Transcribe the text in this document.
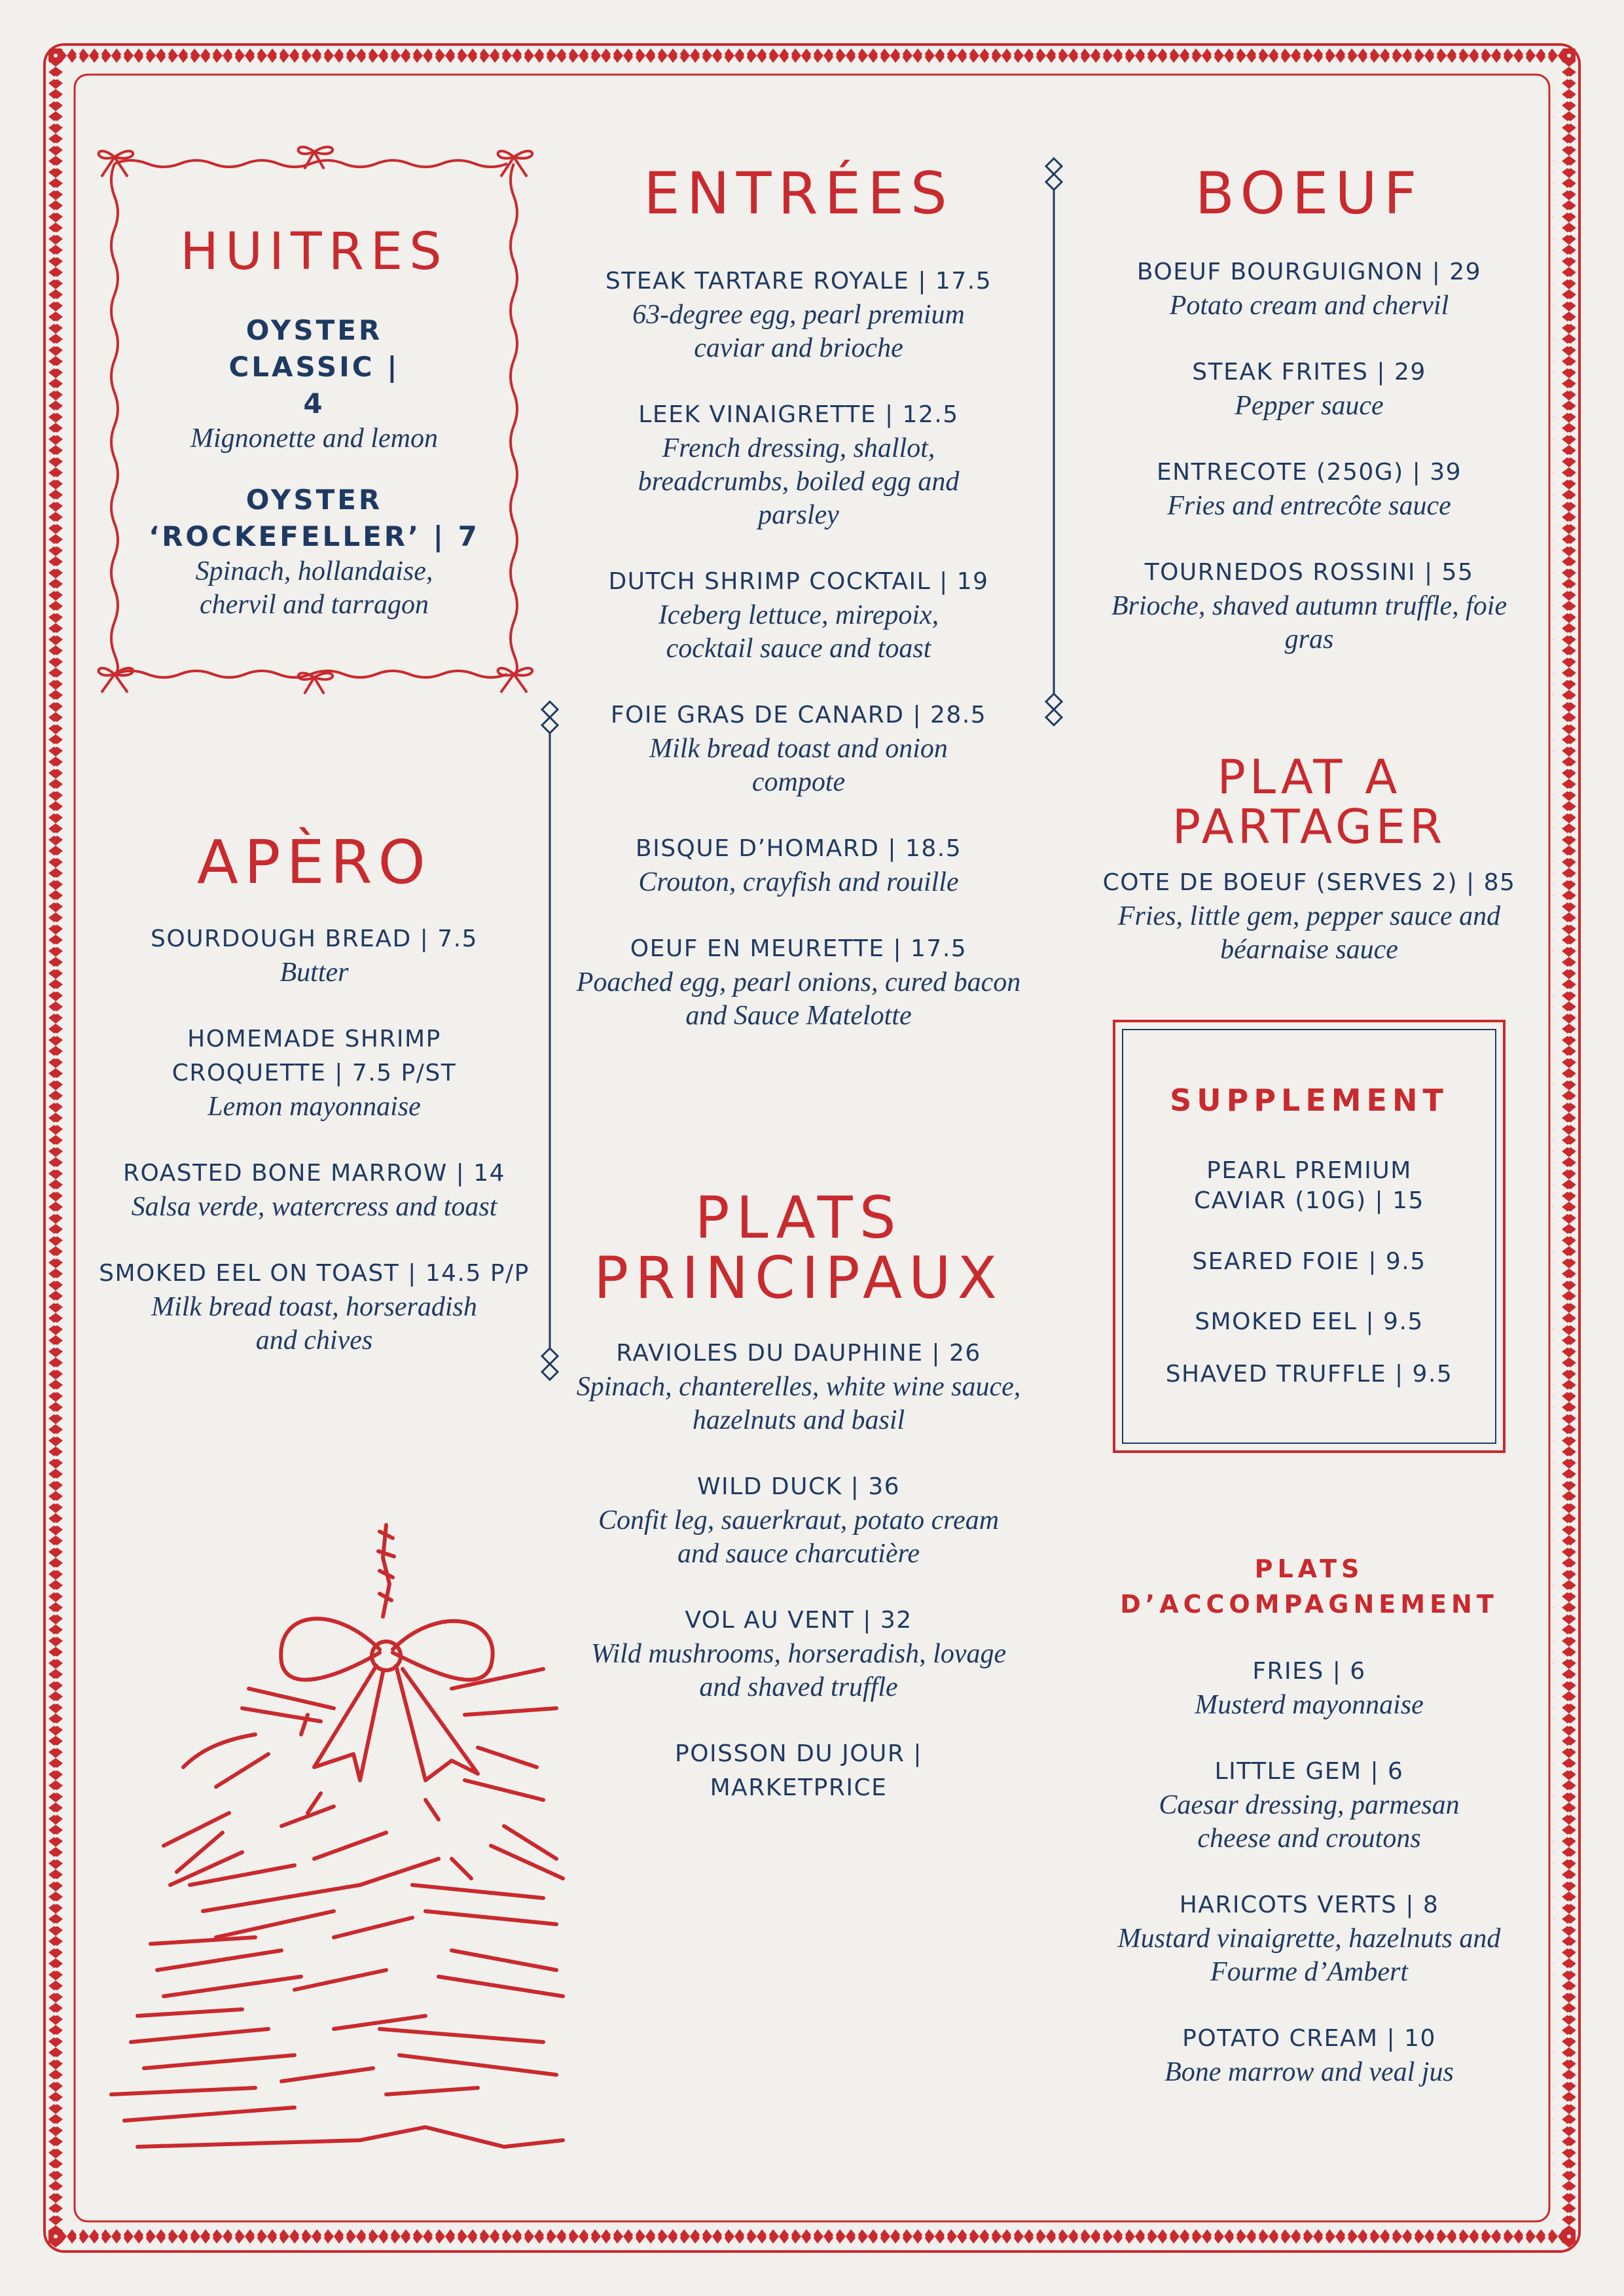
HUITRES
OYSTER CLASSIC | 4
Mignonette and lemon
OYSTER ‘ROCKEFELLER’ | 7
Spinach, hollandaise, chervil and tarragon
APÈRO
SOURDOUGH BREAD | 7.5
Butter
HOMEMADE SHRIMP CROQUETTE | 7.5 P/ST
Lemon mayonnaise
ROASTED BONE MARROW | 14
Salsa verde, watercress and toast
SMOKED EEL ON TOAST | 14.5 P/P
Milk bread toast, horseradish and chives
ENTRÉES
STEAK TARTARE ROYALE | 17.5
63-degree egg, pearl premium caviar and brioche
LEEK VINAIGRETTE | 12.5
French dressing, shallot, breadcrumbs, boiled egg and parsley
DUTCH SHRIMP COCKTAIL | 19
Iceberg lettuce, mirepoix, cocktail sauce and toast
FOIE GRAS DE CANARD | 28.5
Milk bread toast and onion compote
BISQUE D’HOMARD | 18.5
Crouton, crayfish and rouille
OEUF EN MEURETTE | 17.5
Poached egg, pearl onions, cured bacon and Sauce Matelotte
PLATS
PRINCIPAUX
RAVIOLES DU DAUPHINE | 26
Spinach, chanterelles, white wine sauce, hazelnuts and basil
WILD DUCK | 36
Confit leg, sauerkraut, potato cream and sauce charcutière
VOL AU VENT | 32
Wild mushrooms, horseradish, lovage and shaved truffle
POISSON DU JOUR | MARKETPRICE
BOEUF
BOEUF BOURGUIGNON | 29
Potato cream and chervil
STEAK FRITES | 29
Pepper sauce
ENTRECOTE (250G) | 39
Fries and entrecôte sauce
TOURNEDOS ROSSINI | 55
Brioche, shaved autumn truffle, foie gras
PLAT A PARTAGER
COTE DE BOEUF (SERVES 2) | 85
Fries, little gem, pepper sauce and béarnaise sauce
SUPPLEMENT
PEARL PREMIUM CAVIAR (10G) | 15
SEARED FOIE | 9.5
SMOKED EEL | 9.5
SHAVED TRUFFLE | 9.5
PLATS
D’ACCOMPAGNEMENT
FRIES | 6
Musterd mayonnaise
LITTLE GEM | 6
Caesar dressing, parmesan cheese and croutons
HARICOTS VERTS | 8
Mustard vinaigrette, hazelnuts and Fourme d’Ambert
POTATO CREAM | 10
Bone marrow and veal jus
